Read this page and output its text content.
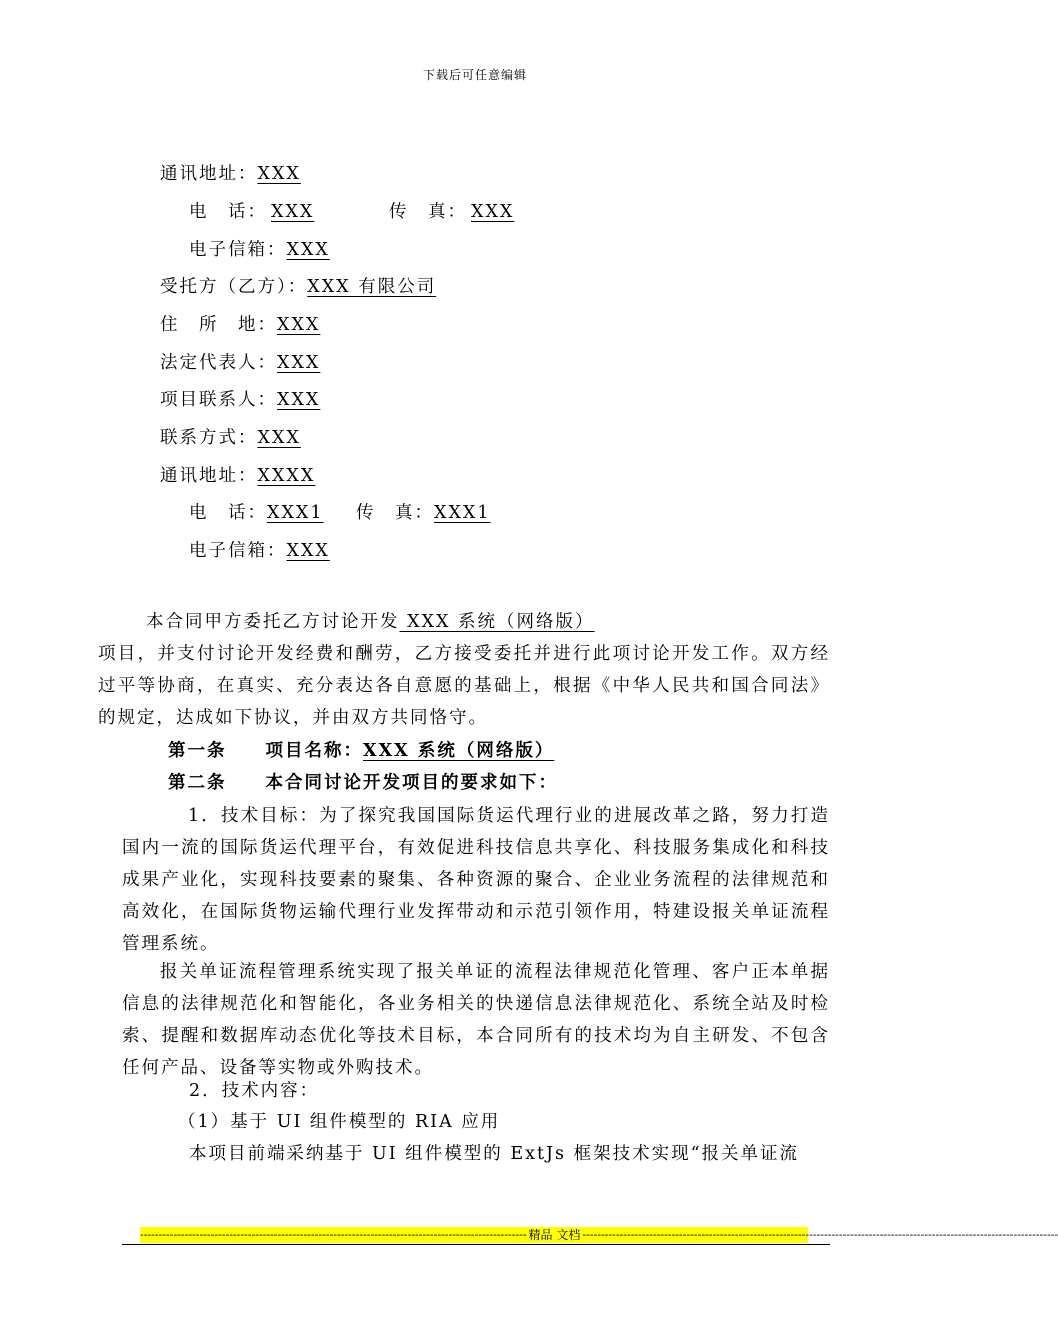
下载后可任意编辑
通讯地址：XXX
电　话： XXX	传　真： XXX
电子信箱：XXX
受托方（乙方）：XXX 有限公司
住　所　地：XXX
法定代表人：XXX
项目联系人：XXX
联系方式：XXX
通讯地址：XXXX
电　话：XXX1 传　真：XXX1
电子信箱：XXX
本合同甲方委托乙方讨论开发 XXX 系统（网络版）
项目，并支付讨论开发经费和酬劳，乙方接受委托并进行此项讨论开发工作。双方经过平等协商，在真实、充分表达各自意愿的基础上，根据《中华人民共和国合同法》的规定，达成如下协议，并由双方共同恪守。
第一条　　项目名称：XXX 系统（网络版）
第二条　　本合同讨论开发项目的要求如下：
1．技术目标：为了探究我国国际货运代理行业的进展改革之路，努力打造国内一流的国际货运代理平台，有效促进科技信息共享化、科技服务集成化和科技成果产业化，实现科技要素的聚集、各种资源的聚合、企业业务流程的法律规范和高效化，在国际货物运输代理行业发挥带动和示范引领作用，特建设报关单证流程管理系统。
报关单证流程管理系统实现了报关单证的流程法律规范化管理、客户正本单据信息的法律规范化和智能化，各业务相关的快递信息法律规范化、系统全站及时检索、提醒和数据库动态优化等技术目标，本合同所有的技术均为自主研发、不包含任何产品、设备等实物或外购技术。
2．技术内容：
（1）基于 UI 组件模型的 RIA 应用
本项目前端采纳基于 UI 组件模型的 ExtJs 框架技术实现“报关单证流
-------------------------------------------------------------------------------------------------------- 精品 文档 --------------------------------------------------------------------------------------------------------------------------------
